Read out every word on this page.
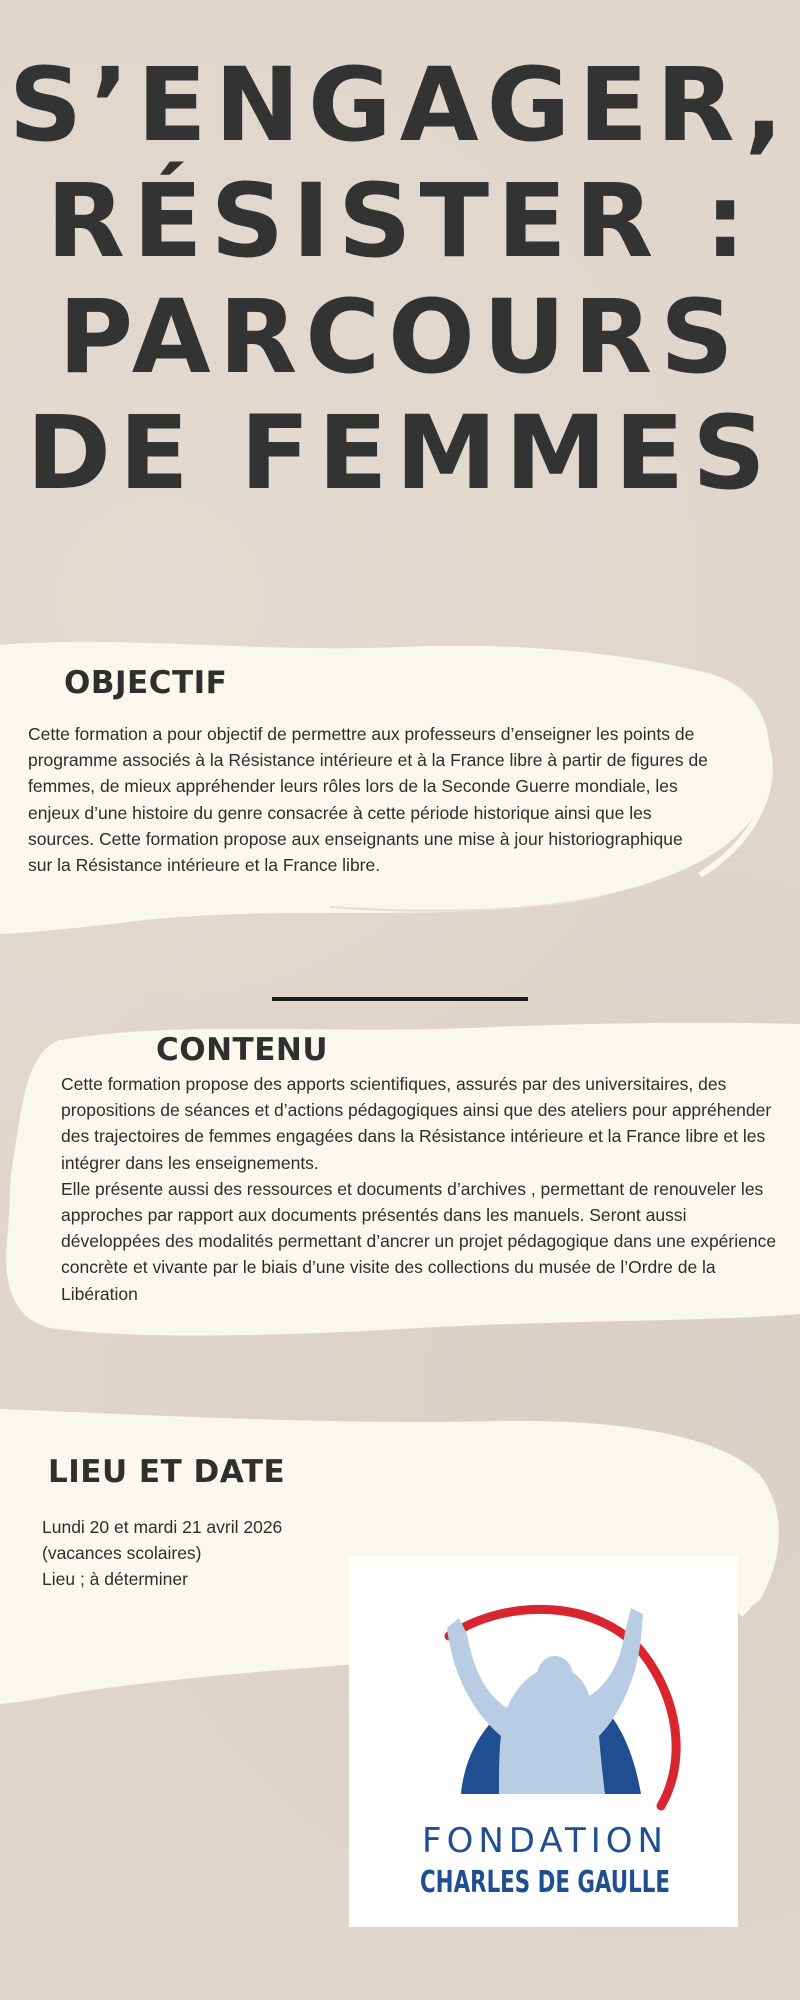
S’ENGAGER,
RÉSISTER :
PARCOURS
DE FEMMES
OBJECTIF

Cette formation a pour objectif de permettre aux professeurs d’enseigner les points de programme associés à la Résistance intérieure et à la France libre à partir de figures de femmes, de mieux appréhender leurs rôles lors de la Seconde Guerre mondiale, les enjeux d’une histoire du genre consacrée à cette période historique ainsi que les sources. Cette formation propose aux enseignants une mise à jour historiographique sur la Résistance intérieure et la France libre.

CONTENU

Cette formation propose des apports scientifiques, assurés par des universitaires, des propositions de séances et d’actions pédagogiques ainsi que des ateliers pour appréhender des trajectoires de femmes engagées dans la Résistance intérieure et la France libre et les intégrer dans les enseignements.

Elle présente aussi des ressources et documents d’archives , permettant de renouveler les approches par rapport aux documents présentés dans les manuels. Seront aussi développées des modalités permettant d’ancrer un projet pédagogique dans une expérience concrète et vivante par le biais d’une visite des collections du musée de l’Ordre de la Libération

LIEU ET DATE

Lundi 20 et mardi 21 avril 2026

(vacances scolaires)

Lieu ; à déterminer

FONDATION
CHARLES DE GAULLE
